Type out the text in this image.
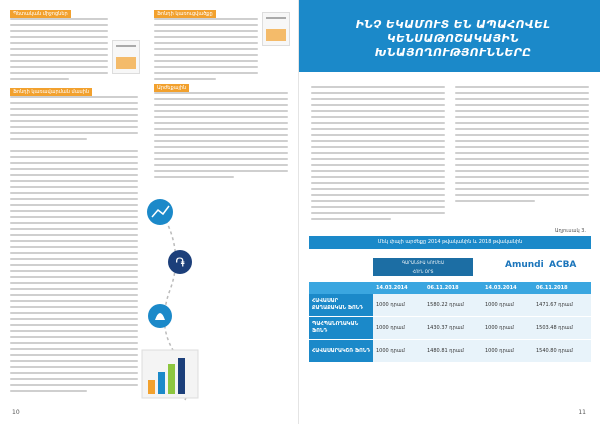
Պետական միջոցներ
Ֆոնդի կառավարման մասին
Ֆոնդի կառուցվածքը
Արժեքային
֏
10
ԻՆՉ ԵԿԱՄՈՒՏ ԵՆ ԱՊԱՀՈՎԵԼ ԿԵՆՍԱԹՈՇԱԿԱՅԻՆ ԽՆԱՅՈՂՈՒԹՅՈՒՆՆԵՐԸ
Աղյուսակ 3.
Մեկ փայի արժեքը 2014 թվականին և 2018 թվականին
ԳԱՐԱՆՏԻԱ ԿՈՒՄԵԱ
ՀՈՒՆ ՕՐՏ
Amundi ACBA
	14.03.2014	06.11.2018	14.03.2014	06.11.2018
ՀԱՎԱՍԱՐ ՔԱՂԱՔԱԿԱՆ ՖՈՆԴ	1000 դրամ	1580.22 դրամ	1000 դրամ	1471.67 դրամ
ՊԱՀՊԱՆՈՂԱԿԱՆ ՖՈՆԴ	1000 դրամ	1430.37 դրամ	1000 դրամ	1503.48 դրամ
ՀԱՎԱՍԱՐԱԿՇՌ ՖՈՆԴ	1000 դրամ	1480.81 դրամ	1000 դրամ	1540.80 դրամ
11
